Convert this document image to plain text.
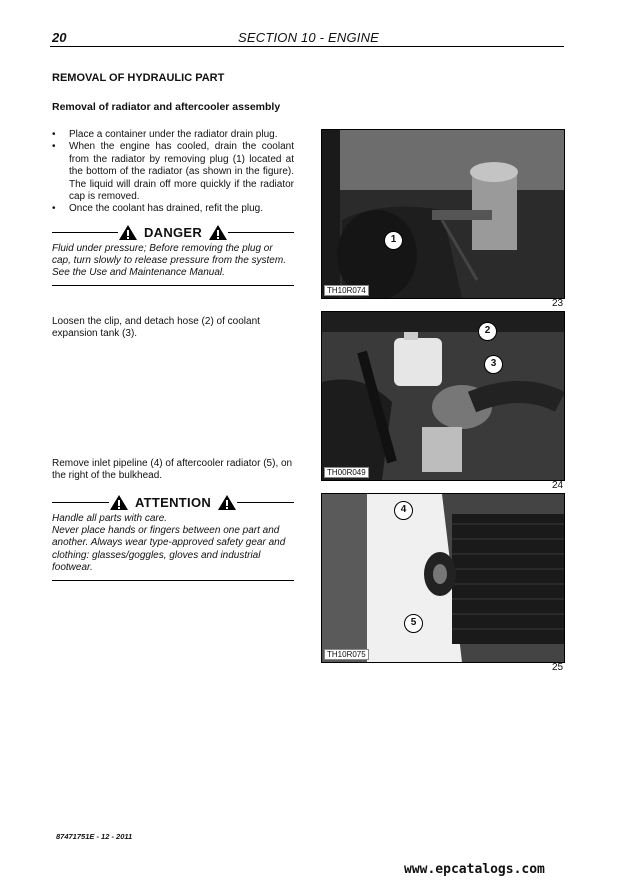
20	SECTION 10 - ENGINE
REMOVAL OF HYDRAULIC PART
Removal of radiator and aftercooler assembly
•	Place a container under the radiator drain plug.
•	When the engine has cooled, drain the coolant from the radiator by removing plug (1) located at the bottom of the radiator (as shown in the figure). The liquid will drain off more quickly if the radiator cap is removed.
•	Once the coolant has drained, refit the plug.
DANGER
Fluid under pressure; Before removing the plug or cap, turn slowly to release pressure from the system. See the Use and Maintenance Manual.
Loosen the clip, and detach hose (2) of coolant expansion tank (3).
Remove inlet pipeline (4) of aftercooler radiator (5), on the right of the bulkhead.
ATTENTION
Handle all parts with care.
Never place hands or fingers between one part and another. Always wear type-approved safety gear and clothing: glasses/goggles, gloves and industrial footwear.
1
TH10R074
23
2
3
TH00R049
24
4
5
TH10R075
25
87471751E - 12 - 2011
www.epcatalogs.com
